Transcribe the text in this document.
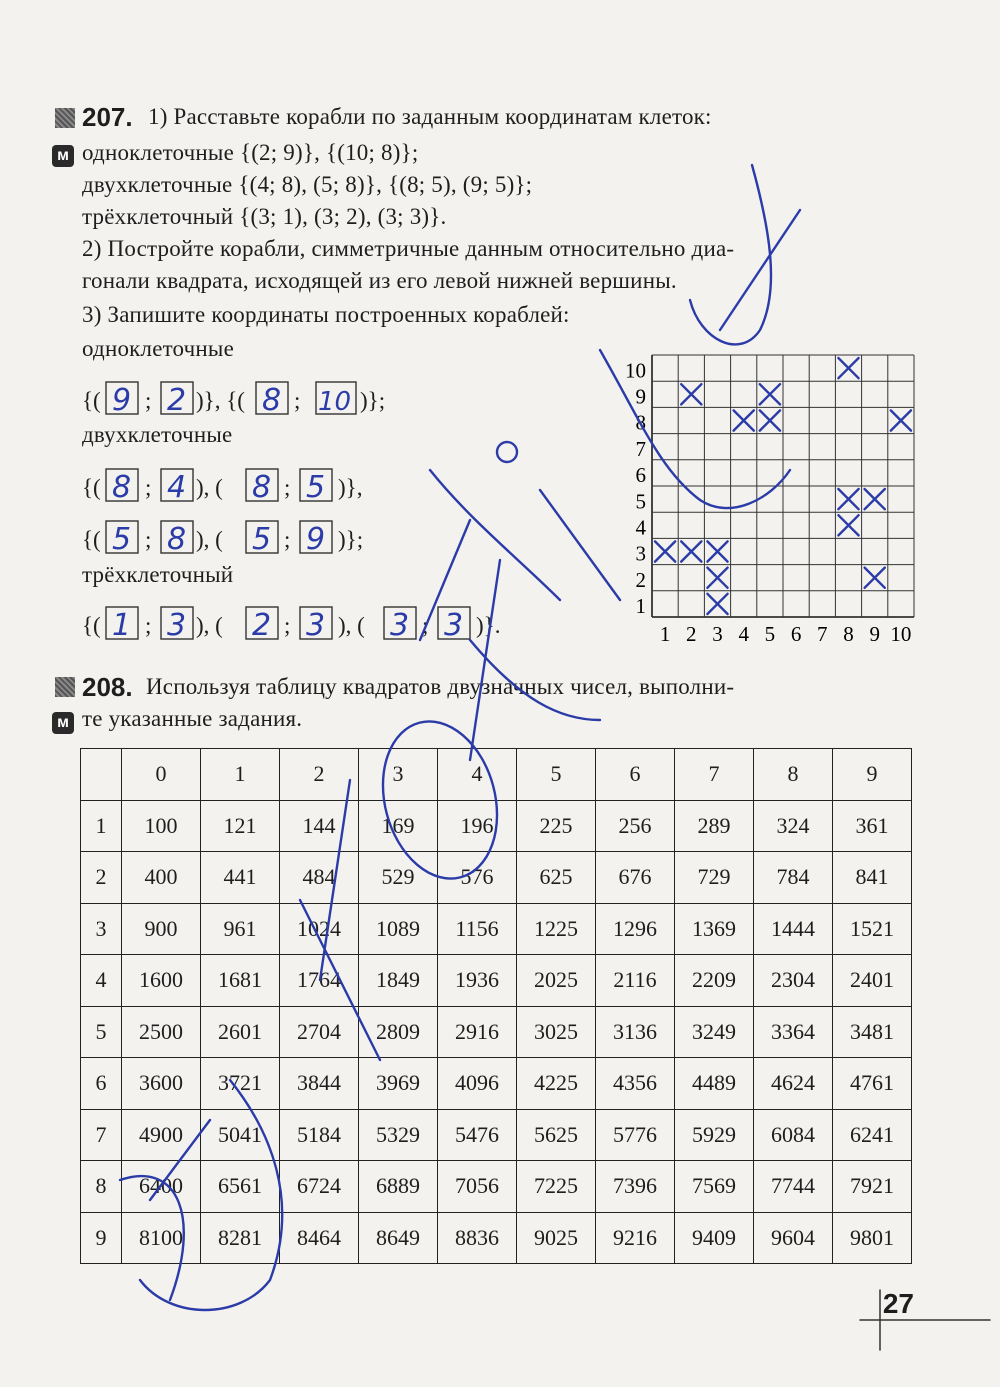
207. 1) Расставьте корабли по заданным координатам клеток:
м одноклеточные {(2; 9)}, {(10; 8)};
двухклеточные {(4; 8), (5; 8)}, {(8; 5), (9; 5)};
трёхклеточный {(3; 1), (3; 2), (3; 3)}.
2) Постройте корабли, симметричные данным относительно диа-
гонали квадрата, исходящей из его левой нижней вершины.
3) Запишите координаты построенных кораблей:
одноклеточные
двухклеточные
трёхклеточный
{( ; )}, {( ;	)};
{( ; ), (	; )},
{( ; ), (	; )};
{( ; ), (	; ), ( ; )}.
9 2	8 10
8 4 8 5
5 8 5 9
1 3 2 3 3 3
10
9
8
7
6
5
4
3
2
1
1 2 3 4 5 6 7 8 9 10
208. Используя таблицу квадратов двузначных чисел, выполни-
м те указанные задания.
	0	1	2	3	4	5	6	7	8	9
1	100	121	144	169	196	225	256	289	324	361
2	400	441	484	529	576	625	676	729	784	841
3	900	961	1024	1089	1156	1225	1296	1369	1444	1521
4	1600	1681	1764	1849	1936	2025	2116	2209	2304	2401
5	2500	2601	2704	2809	2916	3025	3136	3249	3364	3481
6	3600	3721	3844	3969	4096	4225	4356	4489	4624	4761
7	4900	5041	5184	5329	5476	5625	5776	5929	6084	6241
8	6400	6561	6724	6889	7056	7225	7396	7569	7744	7921
9	8100	8281	8464	8649	8836	9025	9216	9409	9604	9801
27
